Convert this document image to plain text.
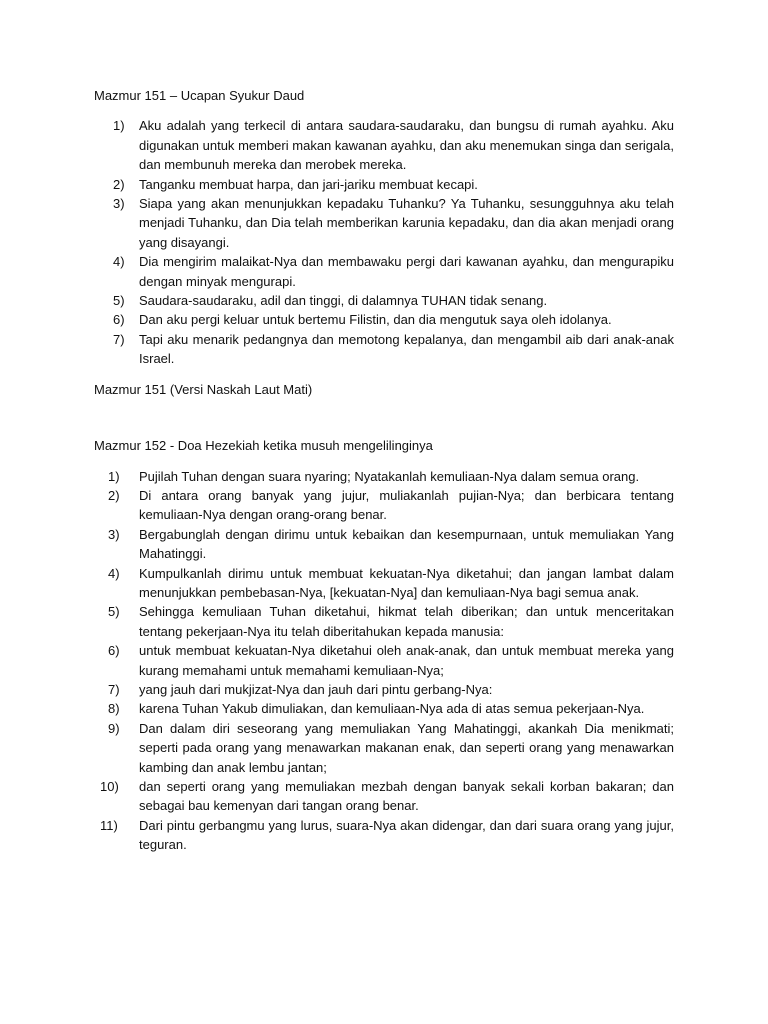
Mazmur 151 – Ucapan Syukur Daud

1) Aku adalah yang terkecil di antara saudara-saudaraku, dan bungsu di rumah ayahku. Aku digunakan untuk memberi makan kawanan ayahku, dan aku menemukan singa dan serigala, dan membunuh mereka dan merobek mereka.
2) Tanganku membuat harpa, dan jari-jariku membuat kecapi.
3) Siapa yang akan menunjukkan kepadaku Tuhanku? Ya Tuhanku, sesungguhnya aku telah menjadi Tuhanku, dan Dia telah memberikan karunia kepadaku, dan dia akan menjadi orang yang disayangi.
4) Dia mengirim malaikat-Nya dan membawaku pergi dari kawanan ayahku, dan mengurapiku dengan minyak mengurapi.
5) Saudara-saudaraku, adil dan tinggi, di dalamnya TUHAN tidak senang.
6) Dan aku pergi keluar untuk bertemu Filistin, dan dia mengutuk saya oleh idolanya.
7) Tapi aku menarik pedangnya dan memotong kepalanya, dan mengambil aib dari anak-anak Israel.

Mazmur 151 (Versi Naskah Laut Mati)

Mazmur 152 - Doa Hezekiah ketika musuh mengelilinginya

1) Pujilah Tuhan dengan suara nyaring; Nyatakanlah kemuliaan-Nya dalam semua orang.
2) Di antara orang banyak yang jujur, muliakanlah pujian-Nya; dan berbicara tentang kemuliaan-Nya dengan orang-orang benar.
3) Bergabunglah dengan dirimu untuk kebaikan dan kesempurnaan, untuk memuliakan Yang Mahatinggi.
4) Kumpulkanlah dirimu untuk membuat kekuatan-Nya diketahui; dan jangan lambat dalam menunjukkan pembebasan-Nya, [kekuatan-Nya] dan kemuliaan-Nya bagi semua anak.
5) Sehingga kemuliaan Tuhan diketahui, hikmat telah diberikan; dan untuk menceritakan tentang pekerjaan-Nya itu telah diberitahukan kepada manusia:
6) untuk membuat kekuatan-Nya diketahui oleh anak-anak, dan untuk membuat mereka yang kurang memahami untuk memahami kemuliaan-Nya;
7) yang jauh dari mukjizat-Nya dan jauh dari pintu gerbang-Nya:
8) karena Tuhan Yakub dimuliakan, dan kemuliaan-Nya ada di atas semua pekerjaan-Nya.
9) Dan dalam diri seseorang yang memuliakan Yang Mahatinggi, akankah Dia menikmati; seperti pada orang yang menawarkan makanan enak, dan seperti orang yang menawarkan kambing dan anak lembu jantan;
10) dan seperti orang yang memuliakan mezbah dengan banyak sekali korban bakaran; dan sebagai bau kemenyan dari tangan orang benar.
11) Dari pintu gerbangmu yang lurus, suara-Nya akan didengar, dan dari suara orang yang jujur, teguran.
